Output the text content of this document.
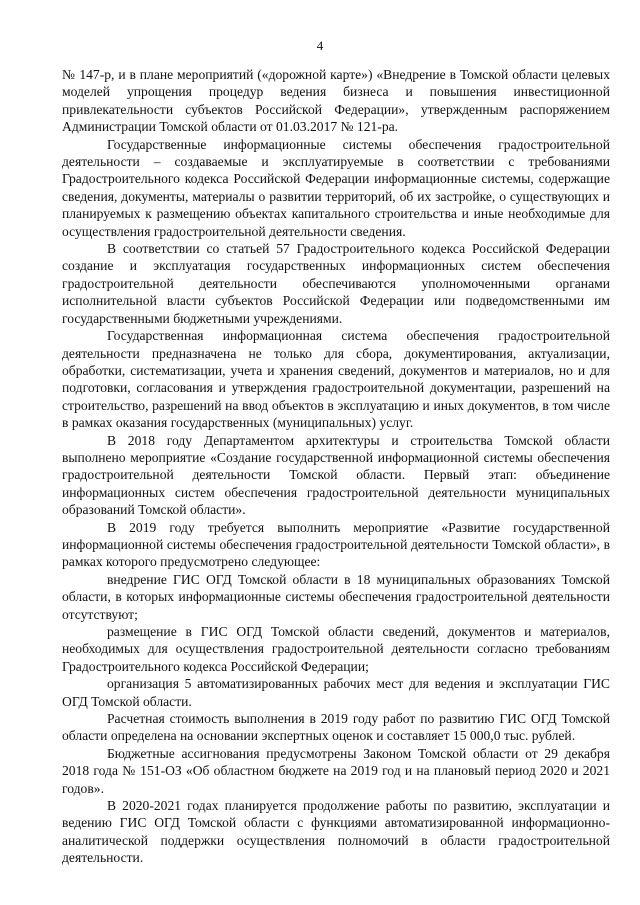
4

№ 147-р, и в плане мероприятий («дорожной карте») «Внедрение в Томской области целевых моделей упрощения процедур ведения бизнеса и повышения инвестиционной привлекательности субъектов Российской Федерации», утвержденным распоряжением Администрации Томской области от 01.03.2017 № 121-ра.

Государственные информационные системы обеспечения градостроительной деятельности – создаваемые и эксплуатируемые в соответствии с требованиями Градостроительного кодекса Российской Федерации информационные системы, содержащие сведения, документы, материалы о развитии территорий, об их застройке, о существующих и планируемых к размещению объектах капитального строительства и иные необходимые для осуществления градостроительной деятельности сведения.

В соответствии со статьей 57 Градостроительного кодекса Российской Федерации создание и эксплуатация государственных информационных систем обеспечения градостроительной деятельности обеспечиваются уполномоченными органами исполнительной власти субъектов Российской Федерации или подведомственными им государственными бюджетными учреждениями.

Государственная информационная система обеспечения градостроительной деятельности предназначена не только для сбора, документирования, актуализации, обработки, систематизации, учета и хранения сведений, документов и материалов, но и для подготовки, согласования и утверждения градостроительной документации, разрешений на строительство, разрешений на ввод объектов в эксплуатацию и иных документов, в том числе в рамках оказания государственных (муниципальных) услуг.

В 2018 году Департаментом архитектуры и строительства Томской области выполнено мероприятие «Создание государственной информационной системы обеспечения градостроительной деятельности Томской области. Первый этап: объединение информационных систем обеспечения градостроительной деятельности муниципальных образований Томской области».

В 2019 году требуется выполнить мероприятие «Развитие государственной информационной системы обеспечения градостроительной деятельности Томской области», в рамках которого предусмотрено следующее:

внедрение ГИС ОГД Томской области в 18 муниципальных образованиях Томской области, в которых информационные системы обеспечения градостроительной деятельности отсутствуют;

размещение в ГИС ОГД Томской области сведений, документов и материалов, необходимых для осуществления градостроительной деятельности согласно требованиям Градостроительного кодекса Российской Федерации;

организация 5 автоматизированных рабочих мест для ведения и эксплуатации ГИС ОГД Томской области.

Расчетная стоимость выполнения в 2019 году работ по развитию ГИС ОГД Томской области определена на основании экспертных оценок и составляет 15 000,0 тыс. рублей.

Бюджетные ассигнования предусмотрены Законом Томской области от 29 декабря 2018 года № 151-ОЗ «Об областном бюджете на 2019 год и на плановый период 2020 и 2021 годов».

В 2020-2021 годах планируется продолжение работы по развитию, эксплуатации и ведению ГИС ОГД Томской области с функциями автоматизированной информационно-аналитической поддержки осуществления полномочий в области градостроительной деятельности.
